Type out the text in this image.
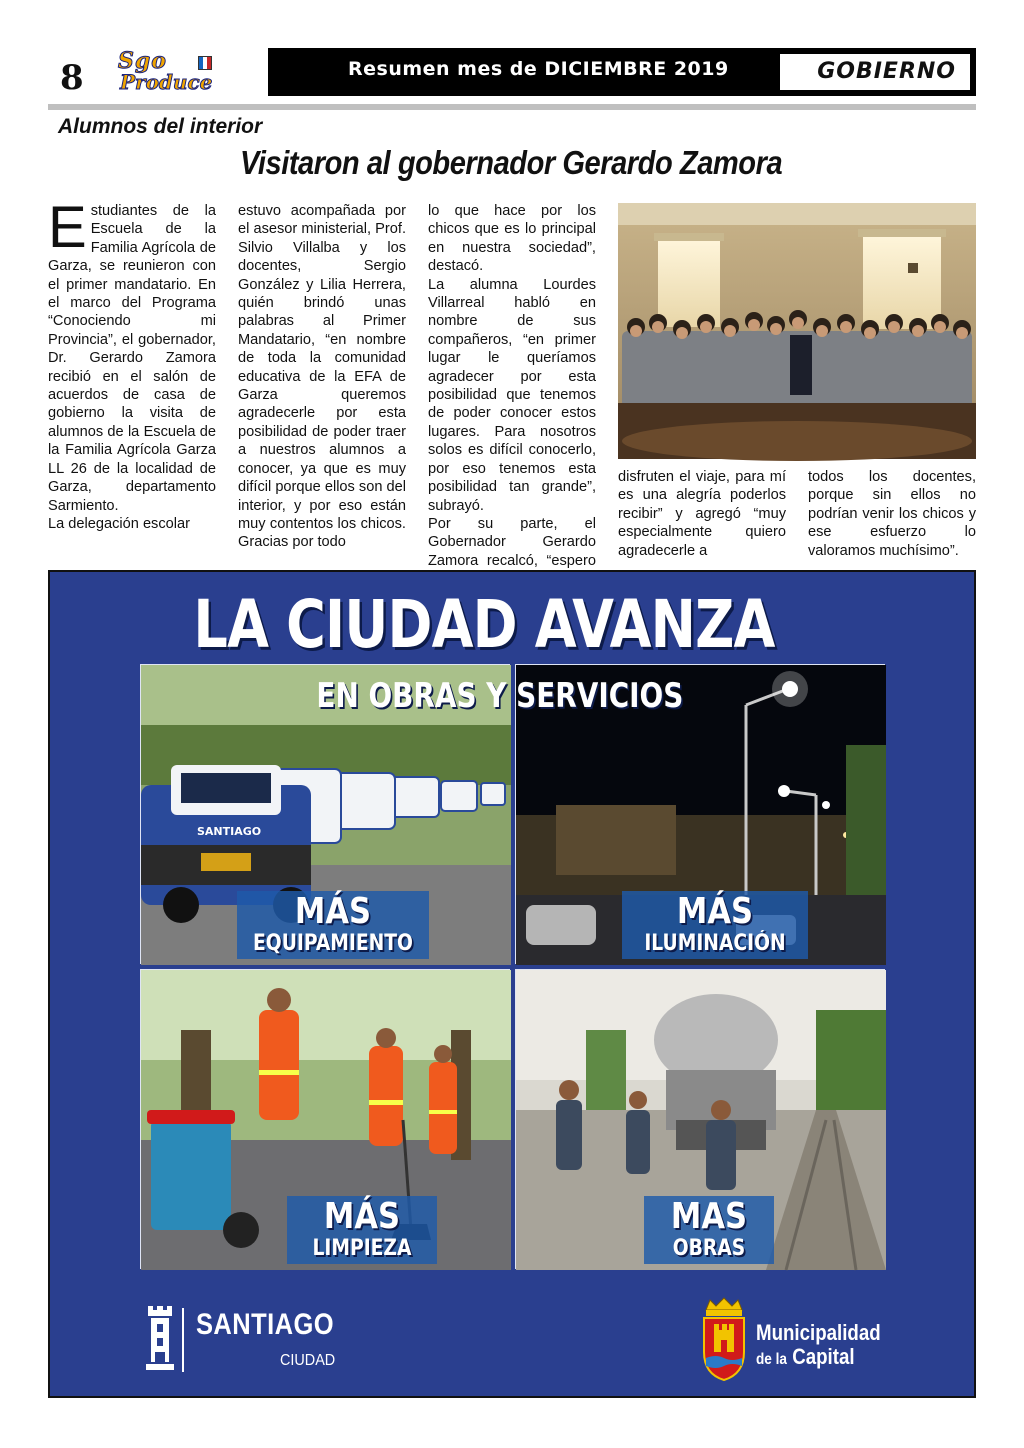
8 Sgo
Produce
Resumen mes de DICIEMBRE 2019	GOBIERNO
Alumnos del interior
Visitaron al gobernador Gerardo Zamora
E studiantes de la Escuela de la Familia Agrícola de Garza, se reunieron con el primer mandatario. En el marco del Programa “Conociendo mi Provincia”, el gobernador, Dr. Gerardo Zamora recibió en el salón de acuerdos de casa de gobierno la visita de alumnos de la Escuela de la Familia Agrícola Garza LL 26 de la localidad de Garza, departamento Sarmiento.

La delegación escolar

estuvo acompañada por el asesor ministerial, Prof. Silvio Villalba y los docentes, Sergio González y Lilia Herrera, quién brindó unas palabras al Primer Mandatario, “en nombre de toda la comunidad educativa de la EFA de Garza queremos agradecerle por esta posibilidad de poder traer a nuestros alumnos a conocer, ya que es muy difícil porque ellos son del interior, y por eso están muy contentos los chicos. Gracias por todo

lo que hace por los chicos que es lo principal en nuestra sociedad”, destacó.

La alumna Lourdes Villarreal habló en nombre de sus compañeros, “en primer lugar le queríamos agradecer por esta posibilidad que tenemos de poder conocer estos lugares. Para nosotros solos es difícil conocerlo, por eso tenemos esta posibilidad tan grande”, subrayó.

Por su parte, el Gobernador Gerardo Zamora recalcó, “espero

disfruten el viaje, para mí es una alegría poderlos recibir” y agregó “muy especialmente quiero agradecerle a

todos los docentes, porque sin ellos no podrían venir los chicos y ese esfuerzo lo valoramos muchísimo”.

LA CIUDAD AVANZA
EN OBRAS Y SERVICIOS
SANTIAGO
MÁS
EQUIPAMIENTO
MÁS
ILUMINACIÓN
MÁS
LIMPIEZA
MAS
OBRAS
SANTIAGO
CIUDAD
Municipalidad
de la Capital
